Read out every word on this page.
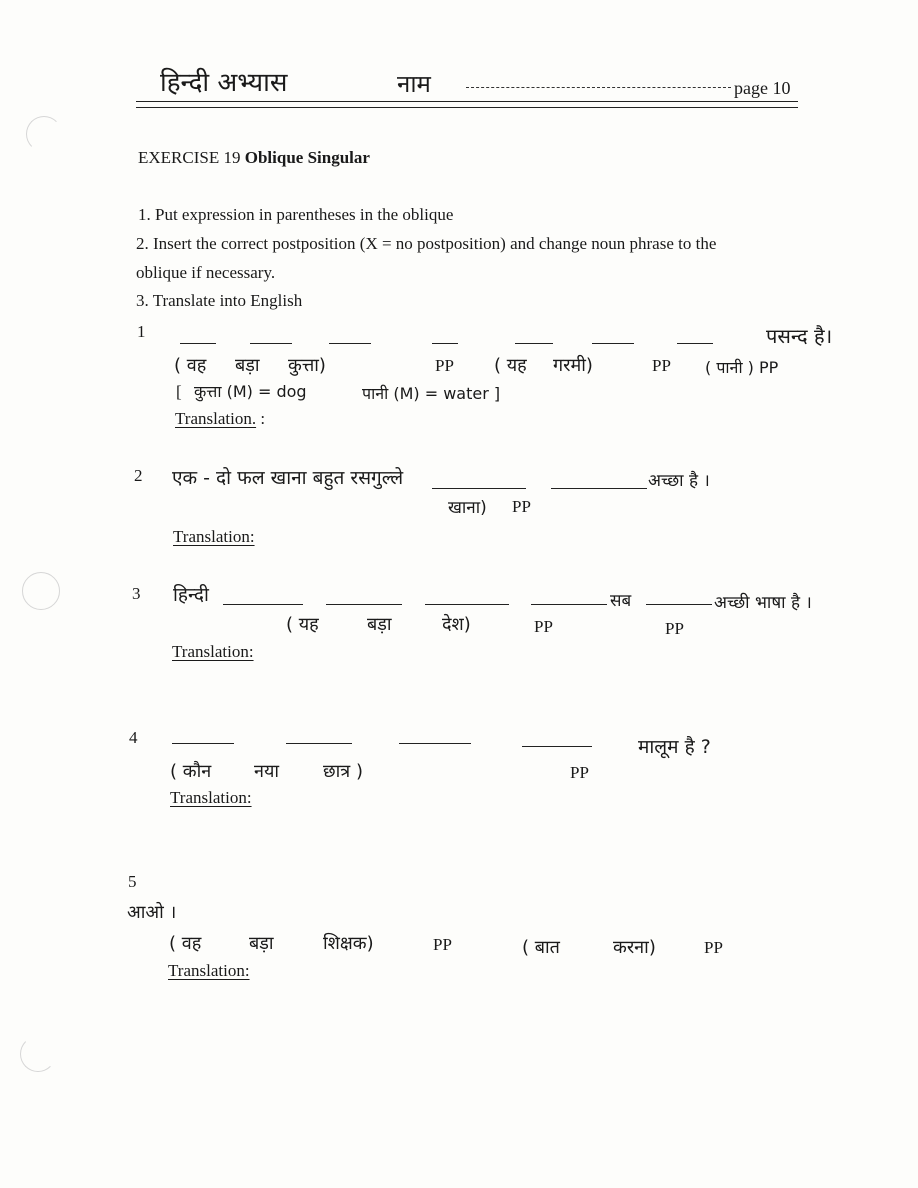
हिन्दी अभ्यास	नाम	page 10
EXERCISE 19 Oblique Singular
1. Put expression in parentheses in the oblique
2. Insert the correct postposition (X = no postposition) and change noun phrase to the
oblique if necessary.
3. Translate into English
1	पसन्द है।
( वह बड़ा कुत्ता)	PP ( यह गरमी)	PP ( पानी ) PP
[ कुत्ता (M) = dog	पानी (M) = water ]
Translation. :
2 एक - दो फल खाना बहुत रसगुल्ले	अच्छा है ।
खाना) PP
Translation:
3 हिन्दी	सब	अच्छी भाषा है ।
( यह	बड़ा	देश)	PP	PP
Translation:
4	मालूम है ?
( कौन नया छात्र )	PP
Translation:
5
आओ ।
( वह	बड़ा	शिक्षक)	PP	( बात	करना)	PP
Translation:
